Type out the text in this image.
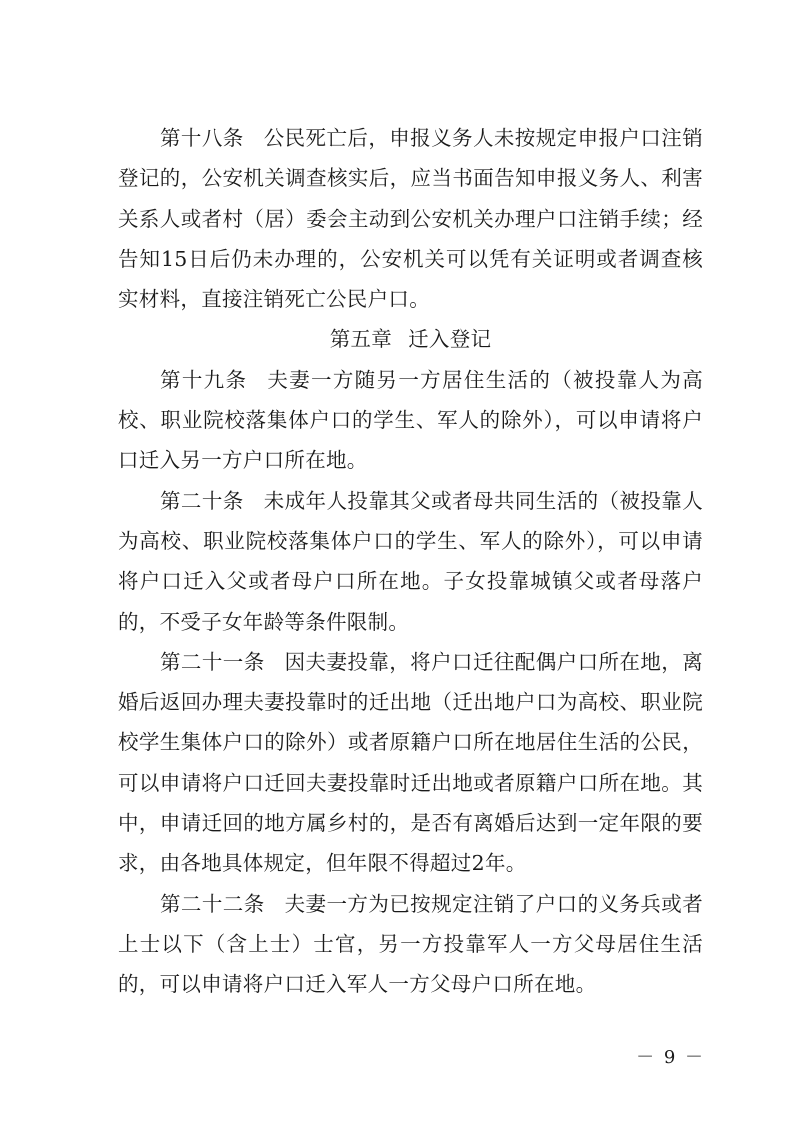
第十八条 公民死亡后，申报义务人未按规定申报户口注销登记的，公安机关调查核实后，应当书面告知申报义务人、利害关系人或者村（居）委会主动到公安机关办理户口注销手续；经告知15日后仍未办理的，公安机关可以凭有关证明或者调查核实材料，直接注销死亡公民户口。

第五章 迁入登记

第十九条 夫妻一方随另一方居住生活的（被投靠人为高校、职业院校落集体户口的学生、军人的除外），可以申请将户口迁入另一方户口所在地。

第二十条 未成年人投靠其父或者母共同生活的（被投靠人为高校、职业院校落集体户口的学生、军人的除外），可以申请将户口迁入父或者母户口所在地。子女投靠城镇父或者母落户的，不受子女年龄等条件限制。

第二十一条 因夫妻投靠，将户口迁往配偶户口所在地，离婚后返回办理夫妻投靠时的迁出地（迁出地户口为高校、职业院校学生集体户口的除外）或者原籍户口所在地居住生活的公民，可以申请将户口迁回夫妻投靠时迁出地或者原籍户口所在地。其中，申请迁回的地方属乡村的，是否有离婚后达到一定年限的要求，由各地具体规定，但年限不得超过2年。

第二十二条 夫妻一方为已按规定注销了户口的义务兵或者上士以下（含上士）士官，另一方投靠军人一方父母居住生活的，可以申请将户口迁入军人一方父母户口所在地。

－ 9 －
